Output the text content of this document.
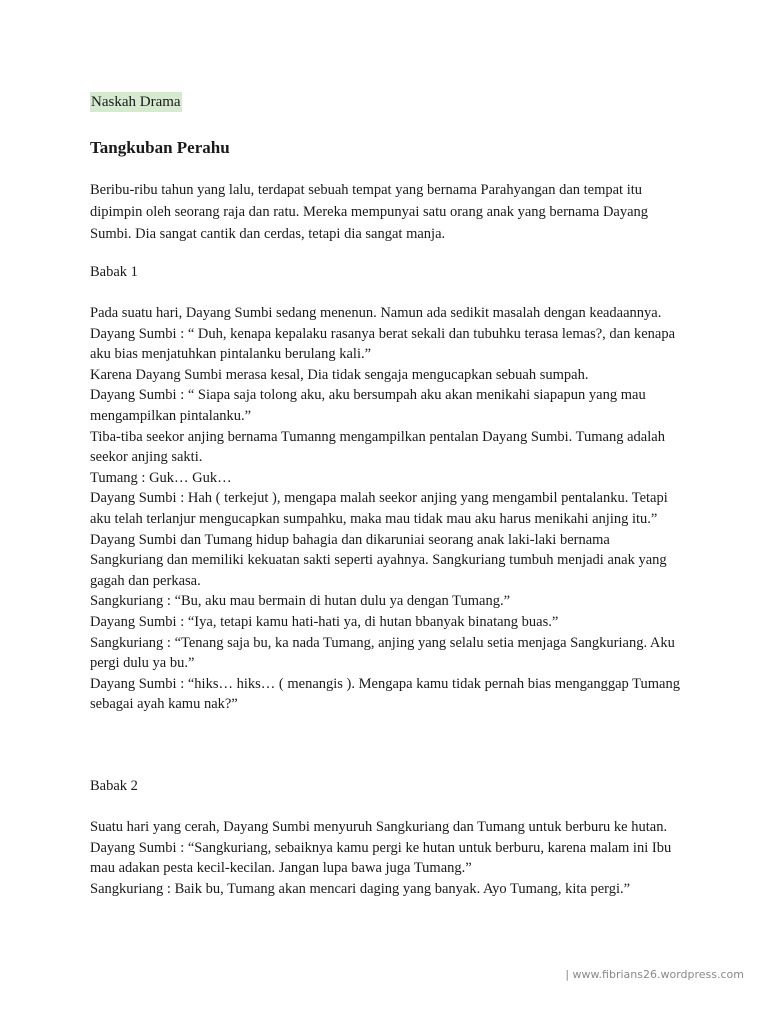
Naskah Drama
Tangkuban Perahu

Beribu-ribu tahun yang lalu, terdapat sebuah tempat yang bernama Parahyangan dan tempat itu dipimpin oleh seorang raja dan ratu. Mereka mempunyai satu orang anak yang bernama Dayang Sumbi. Dia sangat cantik dan cerdas, tetapi dia sangat manja.

Babak 1
Pada suatu hari, Dayang Sumbi sedang menenun. Namun ada sedikit masalah dengan keadaannya.
Dayang Sumbi : “ Duh, kenapa kepalaku rasanya berat sekali dan tubuhku terasa lemas?, dan kenapa aku bias menjatuhkan pintalanku berulang kali.”
Karena Dayang Sumbi merasa kesal, Dia tidak sengaja mengucapkan sebuah sumpah.
Dayang Sumbi : “ Siapa saja tolong aku, aku bersumpah aku akan menikahi siapapun yang mau mengampilkan pintalanku.”
Tiba-tiba seekor anjing bernama Tumanng mengampilkan pentalan Dayang Sumbi. Tumang adalah seekor anjing sakti.
Tumang : Guk… Guk…
Dayang Sumbi : Hah ( terkejut ), mengapa malah seekor anjing yang mengambil pentalanku. Tetapi aku telah terlanjur mengucapkan sumpahku, maka mau tidak mau aku harus menikahi anjing itu.”
Dayang Sumbi dan Tumang hidup bahagia dan dikaruniai seorang anak laki-laki bernama Sangkuriang dan memiliki kekuatan sakti seperti ayahnya. Sangkuriang tumbuh menjadi anak yang gagah dan perkasa.
Sangkuriang : “Bu, aku mau bermain di hutan dulu ya dengan Tumang.”
Dayang Sumbi : “Iya, tetapi kamu hati-hati ya, di hutan bbanyak binatang buas.”
Sangkuriang : “Tenang saja bu, ka nada Tumang, anjing yang selalu setia menjaga Sangkuriang. Aku pergi dulu ya bu.”
Dayang Sumbi : “hiks… hiks… ( menangis ). Mengapa kamu tidak pernah bias menganggap Tumang sebagai ayah kamu nak?”
Babak 2
Suatu hari yang cerah, Dayang Sumbi menyuruh Sangkuriang dan Tumang untuk berburu ke hutan.
Dayang Sumbi : “Sangkuriang, sebaiknya kamu pergi ke hutan untuk berburu, karena malam ini Ibu mau adakan pesta kecil-kecilan. Jangan lupa bawa juga Tumang.”
Sangkuriang : Baik bu, Tumang akan mencari daging yang banyak. Ayo Tumang, kita pergi.”
| www.fibrians26.wordpress.com
